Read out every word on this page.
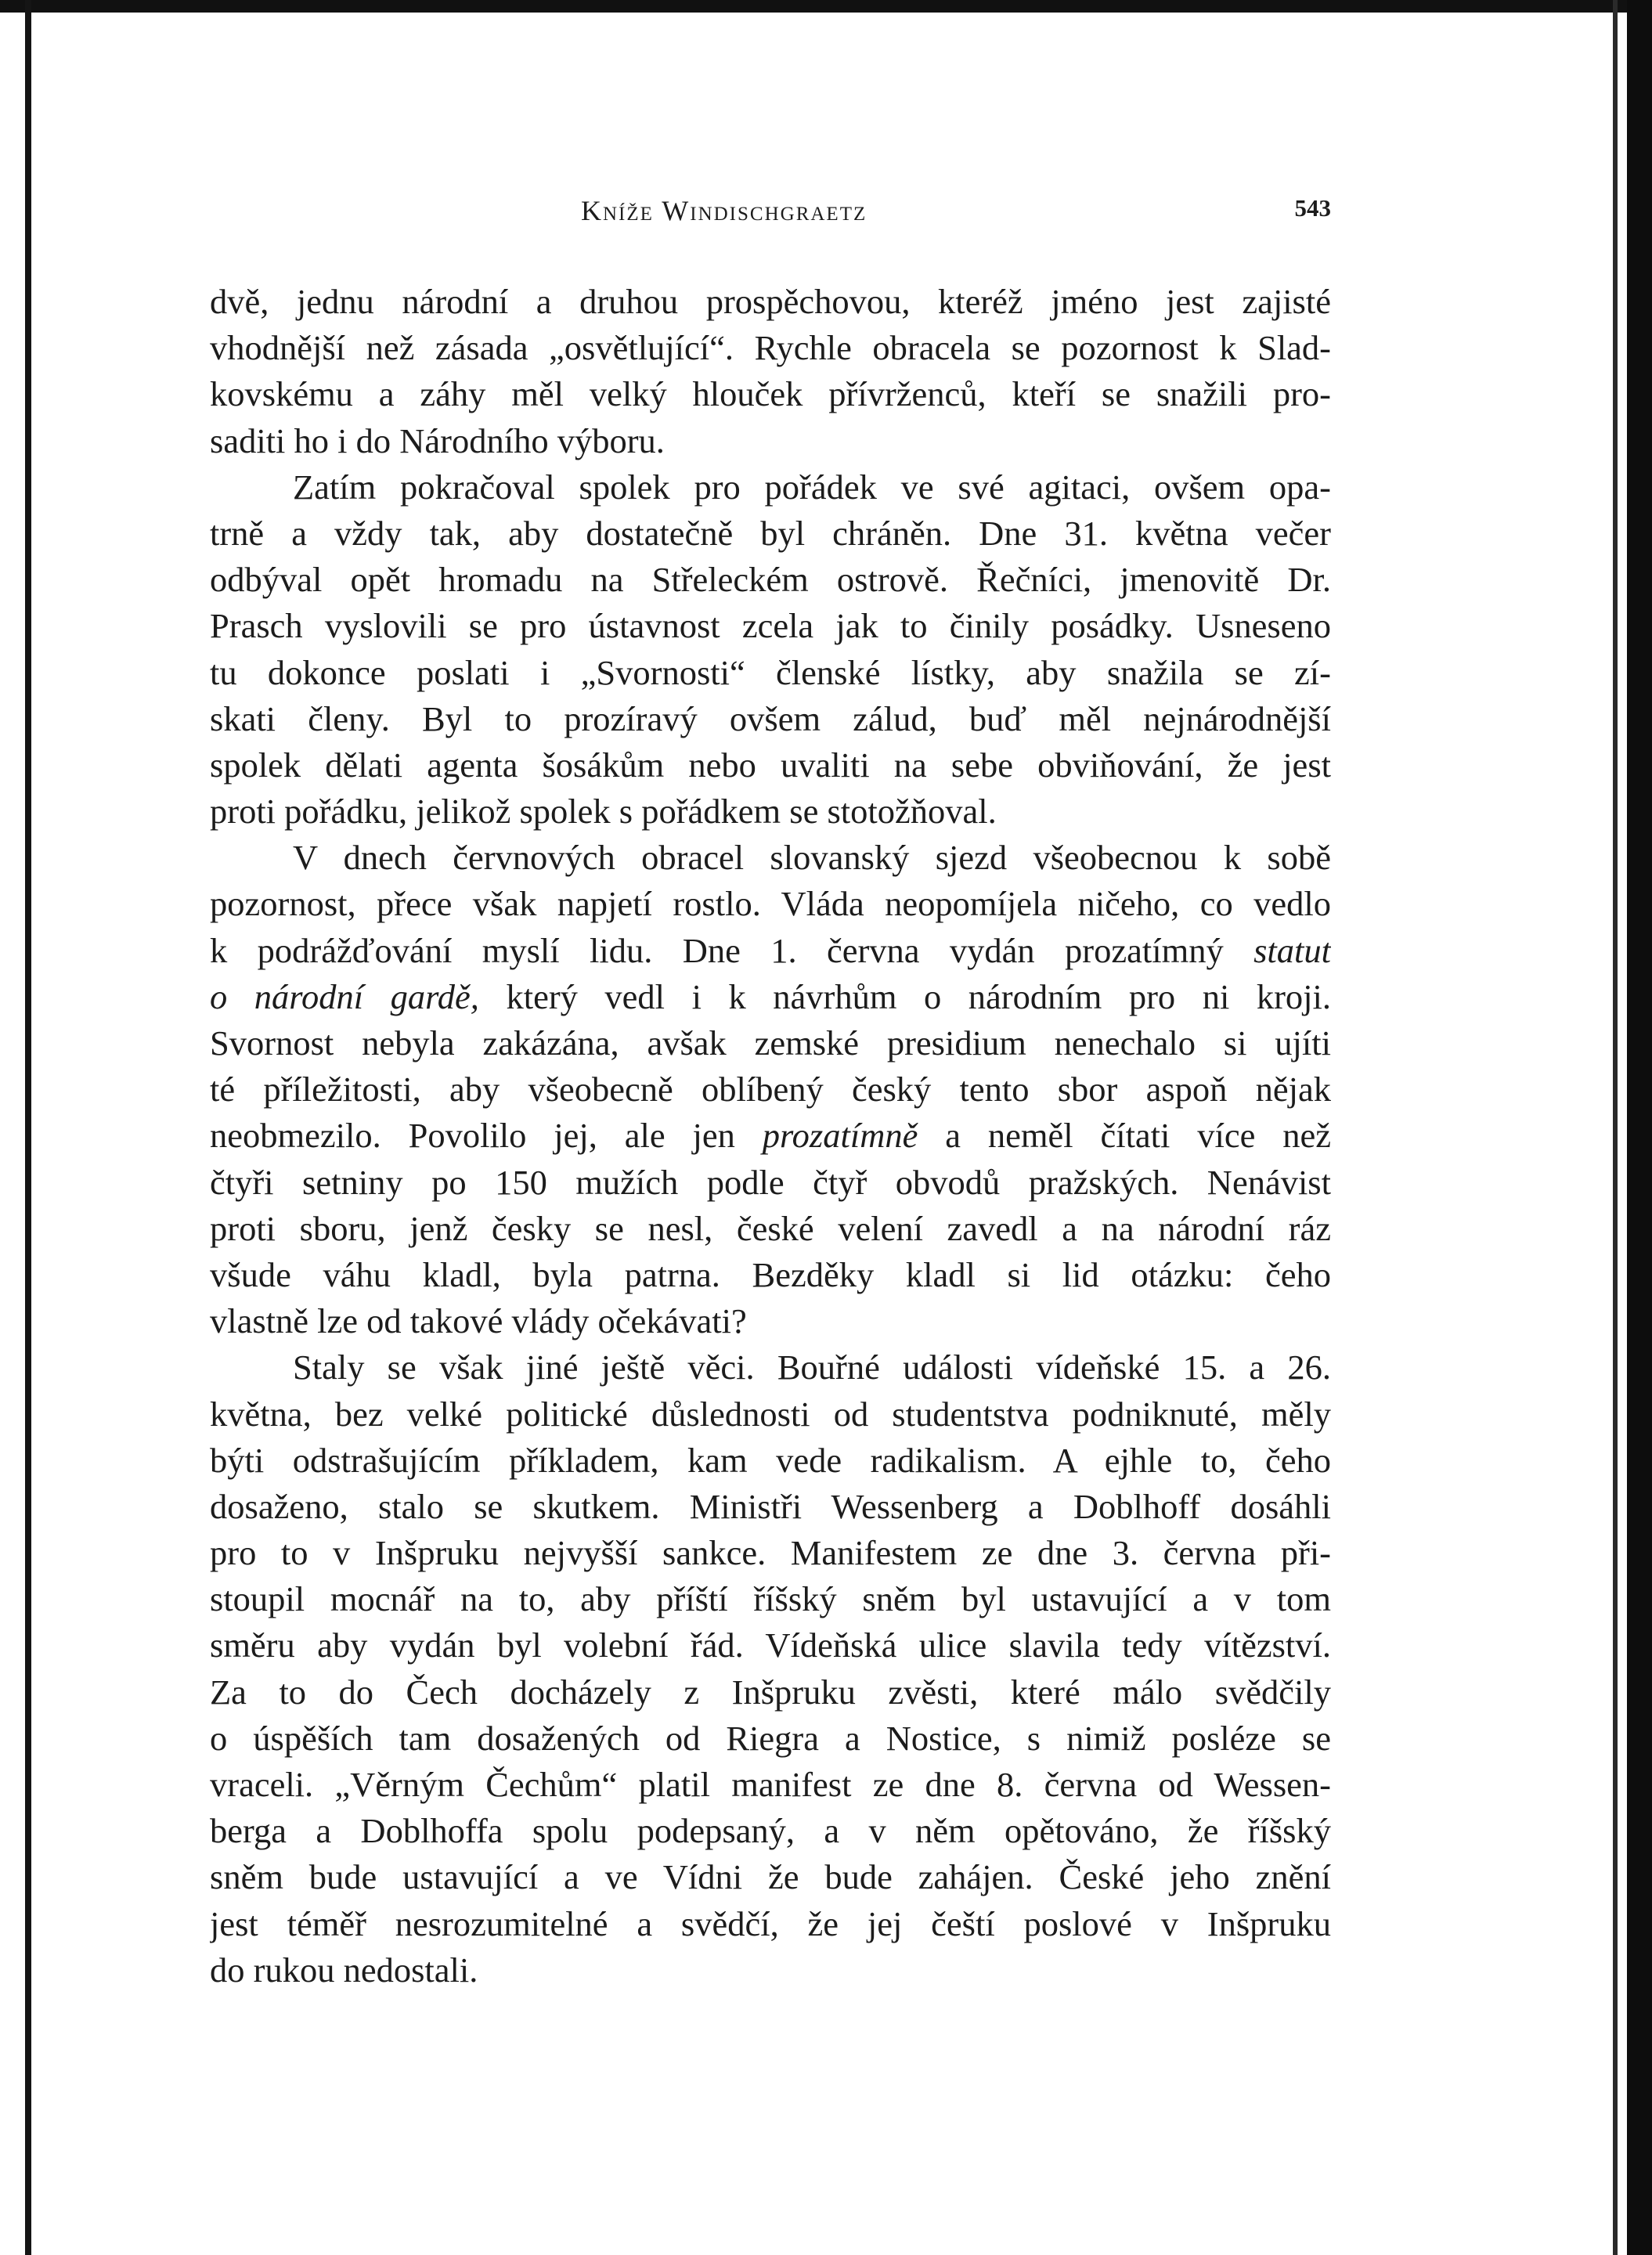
Kníže Windischgraetz	543
dvě, jednu národní a druhou prospěchovou, kteréž jméno jest zajisté
vhodnější než zásada „osvětlující“. Rychle obracela se pozornost k Slad-
kovskému a záhy měl velký hlouček přívrženců, kteří se snažili pro-
saditi ho i do Národního výboru.
Zatím pokračoval spolek pro pořádek ve své agitaci, ovšem opa-
trně a vždy tak, aby dostatečně byl chráněn. Dne 31. května večer
odbýval opět hromadu na Střeleckém ostrově. Řečníci, jmenovitě Dr.
Prasch vyslovili se pro ústavnost zcela jak to činily posádky. Usneseno
tu dokonce poslati i „Svornosti“ členské lístky, aby snažila se zí-
skati členy. Byl to prozíravý ovšem zálud, buď měl nejnárodnější
spolek dělati agenta šosákům nebo uvaliti na sebe obviňování, že jest
proti pořádku, jelikož spolek s pořádkem se stotožňoval.
V dnech červnových obracel slovanský sjezd všeobecnou k sobě
pozornost, přece však napjetí rostlo. Vláda neopomíjela ničeho, co vedlo
k podrážďování myslí lidu. Dne 1. června vydán prozatímný statut
o národní gardě, který vedl i k návrhům o národním pro ni kroji.
Svornost nebyla zakázána, avšak zemské presidium nenechalo si ujíti
té příležitosti, aby všeobecně oblíbený český tento sbor aspoň nějak
neobmezilo. Povolilo jej, ale jen prozatímně a neměl čítati více než
čtyři setniny po 150 mužích podle čtyř obvodů pražských. Nenávist
proti sboru, jenž česky se nesl, české velení zavedl a na národní ráz
všude váhu kladl, byla patrna. Bezděky kladl si lid otázku: čeho
vlastně lze od takové vlády očekávati?
Staly se však jiné ještě věci. Bouřné události vídeňské 15. a 26.
května, bez velké politické důslednosti od studentstva podniknuté, měly
býti odstrašujícím příkladem, kam vede radikalism. A ejhle to, čeho
dosaženo, stalo se skutkem. Ministři Wessenberg a Doblhoff dosáhli
pro to v Inšpruku nejvyšší sankce. Manifestem ze dne 3. června při-
stoupil mocnář na to, aby příští říšský sněm byl ustavující a v tom
směru aby vydán byl volební řád. Vídeňská ulice slavila tedy vítězství.
Za to do Čech docházely z Inšpruku zvěsti, které málo svědčily
o úspěších tam dosažených od Riegra a Nostice, s nimiž posléze se
vraceli. „Věrným Čechům“ platil manifest ze dne 8. června od Wessen-
berga a Doblhoffa spolu podepsaný, a v něm opětováno, že říšský
sněm bude ustavující a ve Vídni že bude zahájen. České jeho znění
jest téměř nesrozumitelné a svědčí, že jej čeští poslové v Inšpruku
do rukou nedostali.
